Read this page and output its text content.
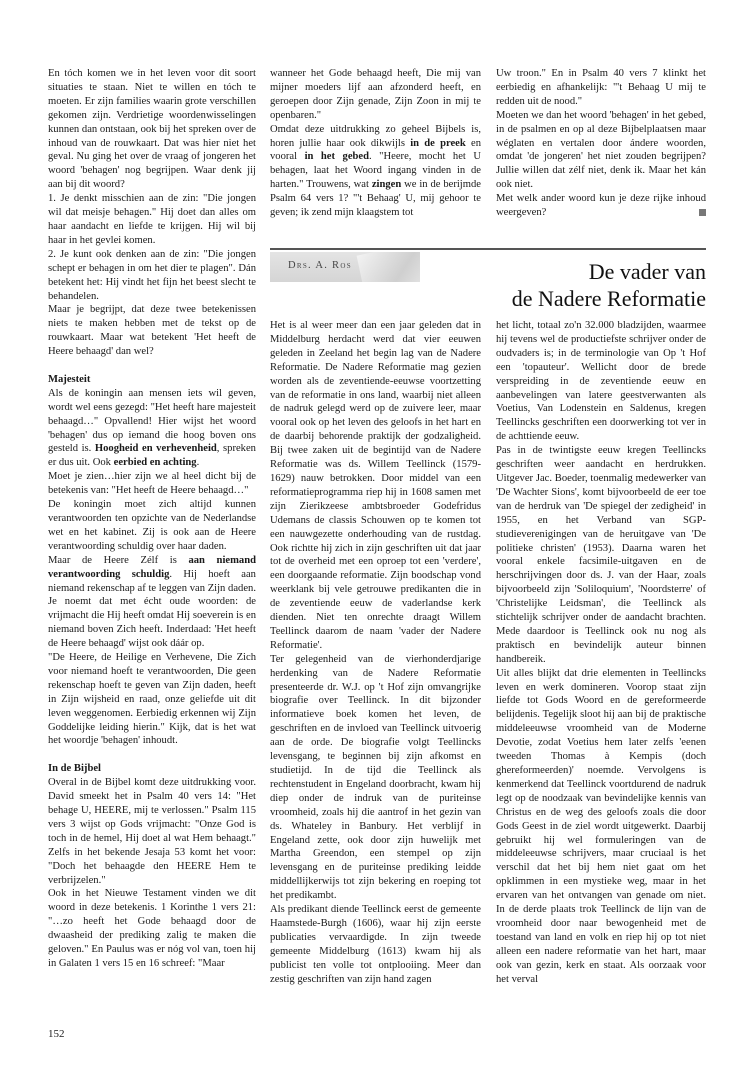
En tóch komen we in het leven voor dit soort situaties te staan. Niet te willen en tóch te moeten. Er zijn families waarin grote verschillen gekomen zijn. Verdrietige woordenwisselingen kunnen dan ontstaan, ook bij het spreken over de inhoud van de rouwkaart. Dat was hier niet het geval. Nu ging het over de vraag of jongeren het woord 'behagen' nog begrijpen. Waar denk jij aan bij dit woord?

1. Je denkt misschien aan de zin: "Die jongen wil dat meisje behagen." Hij doet dan alles om haar aandacht en liefde te krijgen. Hij wil bij haar in het gevlei komen.

2. Je kunt ook denken aan de zin: "Die jongen schept er behagen in om het dier te plagen". Dán betekent het: Hij vindt het fijn het beest slecht te behandelen.

Maar je begrijpt, dat deze twee betekenissen niets te maken hebben met de tekst op de rouwkaart. Maar wat betekent 'Het heeft de Heere behaagd' dan wel?

Majesteit

Als de koningin aan mensen iets wil geven, wordt wel eens gezegd: "Het heeft hare majesteit behaagd…" Opvallend! Hier wijst het woord 'behagen' dus op iemand die hoog boven ons gesteld is. Hoogheid en verhevenheid, spreken er dus uit. Ook eerbied en achting.

Moet je zien…hier zijn we al heel dicht bij de betekenis van: "Het heeft de Heere behaagd…"

De koningin moet zich altijd kunnen verantwoorden ten opzichte van de Nederlandse wet en het kabinet. Zij is ook aan de Heere verantwoording schuldig over haar daden.

Maar de Heere Zélf is aan niemand verantwoording schuldig. Hij hoeft aan niemand rekenschap af te leggen van Zijn daden. Je noemt dat met écht oude woorden: de vrijmacht die Hij heeft omdat Hij soeverein is en niemand boven Zich heeft. Inderdaad: 'Het heeft de Heere behaagd' wijst ook dáár op.

"De Heere, de Heilige en Verhevene, Die Zich voor niemand hoeft te verantwoorden, Die geen rekenschap hoeft te geven van Zijn daden, heeft in Zijn wijsheid en raad, onze geliefde uit dit leven weggenomen. Eerbiedig erkennen wij Zijn Goddelijke leiding hierin." Kijk, dat is het wat het woordje 'behagen' inhoudt.

In de Bijbel

Overal in de Bijbel komt deze uitdrukking voor. David smeekt het in Psalm 40 vers 14: "Het behage U, HEERE, mij te verlossen." Psalm 115 vers 3 wijst op Gods vrijmacht: "Onze God is toch in de hemel, Hij doet al wat Hem behaagt." Zelfs in het bekende Jesaja 53 komt het voor: "Doch het behaagde den HEERE Hem te verbrijzelen."

Ook in het Nieuwe Testament vinden we dit woord in deze betekenis. 1 Korinthe 1 vers 21: "…zo heeft het Gode behaagd door de dwaasheid der prediking zalig te maken die geloven." En Paulus was er nóg vol van, toen hij in Galaten 1 vers 15 en 16 schreef: "Maar

wanneer het Gode behaagd heeft, Die mij van mijner moeders lijf aan afzonderd heeft, en geroepen door Zijn genade, Zijn Zoon in mij te openbaren."

Omdat deze uitdrukking zo geheel Bijbels is, horen jullie haar ook dikwijls in de preek en vooral in het gebed. "Heere, mocht het U behagen, laat het Woord ingang vinden in de harten." Trouwens, wat zingen we in de berijmde Psalm 64 vers 1? "'t Behaag' U, mij gehoor te geven; ik zend mijn klaagstem tot

Uw troon." En in Psalm 40 vers 7 klinkt het eerbiedig en afhankelijk: "'t Behaag U mij te redden uit de nood."

Moeten we dan het woord 'behagen' in het gebed, in de psalmen en op al deze Bijbelplaatsen maar wéglaten en vertalen door ándere woorden, omdat 'de jongeren' het niet zouden begrijpen? Jullie willen dat zélf niet, denk ik. Maar het kán ook niet.

Met welk ander woord kun je deze rijke inhoud weergeven?

Drs. A. Ros	De vader van
de Nadere Reformatie

Het is al weer meer dan een jaar geleden dat in Middelburg herdacht werd dat vier eeuwen geleden in Zeeland het begin lag van de Nadere Reformatie. De Nadere Reformatie mag gezien worden als de zeventiende-eeuwse voortzetting van de reformatie in ons land, waarbij niet alleen de nadruk gelegd werd op de zuivere leer, maar vooral ook op het leven des geloofs in het hart en de daarbij behorende praktijk der godzaligheid. Bij twee zaken uit de begintijd van de Nadere Reformatie was ds. Willem Teellinck (1579-1629) nauw betrokken. Door middel van een reformatieprogramma riep hij in 1608 samen met zijn Zierikzeese ambtsbroeder Godefridus Udemans de classis Schouwen op te komen tot een nauwgezette onderhouding van de rustdag. Ook richtte hij zich in zijn geschriften uit dat jaar tot de overheid met een oproep tot een 'verdere', een doorgaande reformatie. Zijn boodschap vond weerklank bij vele getrouwe predikanten die in de zeventiende eeuw de vaderlandse kerk dienden. Niet ten onrechte draagt Willem Teellinck daarom de naam 'vader der Nadere Reformatie'.

Ter gelegenheid van de vierhonderdjarige herdenking van de Nadere Reformatie presenteerde dr. W.J. op 't Hof zijn omvangrijke biografie over Teellinck. In dit bijzonder informatieve boek komen het leven, de geschriften en de invloed van Teellinck uitvoerig aan de orde. De biografie volgt Teellincks levensgang, te beginnen bij zijn afkomst en studietijd. In de tijd die Teellinck als rechtenstudent in Engeland doorbracht, kwam hij diep onder de indruk van de puriteinse vroomheid, zoals hij die aantrof in het gezin van ds. Whateley in Banbury. Het verblijf in Engeland zette, ook door zijn huwelijk met Martha Greendon, een stempel op zijn levensgang en de puriteinse prediking leidde middellijkerwijs tot zijn bekering en roeping tot het predikambt.

Als predikant diende Teellinck eerst de gemeente Haamstede-Burgh (1606), waar hij zijn eerste publicaties vervaardigde. In zijn tweede gemeente Middelburg (1613) kwam hij als publicist ten volle tot ontplooiing. Meer dan zestig geschriften van zijn hand zagen

het licht, totaal zo'n 32.000 bladzijden, waarmee hij tevens wel de productiefste schrijver onder de oudvaders is; in de terminologie van Op 't Hof een 'topauteur'. Wellicht door de brede verspreiding in de zeventiende eeuw en aanbevelingen van latere geestverwanten als Voetius, Van Lodenstein en Saldenus, kregen Teellincks geschriften een doorwerking tot ver in de achttiende eeuw.

Pas in de twintigste eeuw kregen Teellincks geschriften weer aandacht en herdrukken. Uitgever Jac. Boeder, toenmalig medewerker van 'De Wachter Sions', komt bijvoorbeeld de eer toe van de herdruk van 'De spiegel der zedigheid' in 1955, en het Verband van SGP-studieverenigingen van de heruitgave van 'De politieke christen' (1953). Daarna waren het vooral enkele facsimile-uitgaven en de herschrijvingen door ds. J. van der Haar, zoals bijvoorbeeld zijn 'Soliloquium', 'Noordsterre' of 'Christelijke Leidsman', die Teellinck als stichtelijk schrijver onder de aandacht brachten. Mede daardoor is Teellinck ook nu nog als praktisch en bevindelijk auteur binnen handbereik.

Uit alles blijkt dat drie elementen in Teellincks leven en werk domineren. Voorop staat zijn liefde tot Gods Woord en de gereformeerde belijdenis. Tegelijk sloot hij aan bij de praktische middeleeuwse vroomheid van de Moderne Devotie, zodat Voetius hem later zelfs 'eenen tweeden Thomas à Kempis (doch ghereformeerden)' noemde. Vervolgens is kenmerkend dat Teellinck voortdurend de nadruk legt op de noodzaak van bevindelijke kennis van Christus en de weg des geloofs zoals die door Gods Geest in de ziel wordt uitgewerkt. Daarbij gebruikt hij wel formuleringen van de middeleeuwse schrijvers, maar cruciaal is het verschil dat het bij hem niet gaat om het opklimmen in een mystieke weg, maar in het ervaren van het ontvangen van genade om niet. In de derde plaats trok Teellinck de lijn van de vroomheid door naar bewogenheid met de toestand van land en volk en riep hij op tot niet alleen een nadere reformatie van het hart, maar ook van gezin, kerk en staat. Als oorzaak voor het verval

152
